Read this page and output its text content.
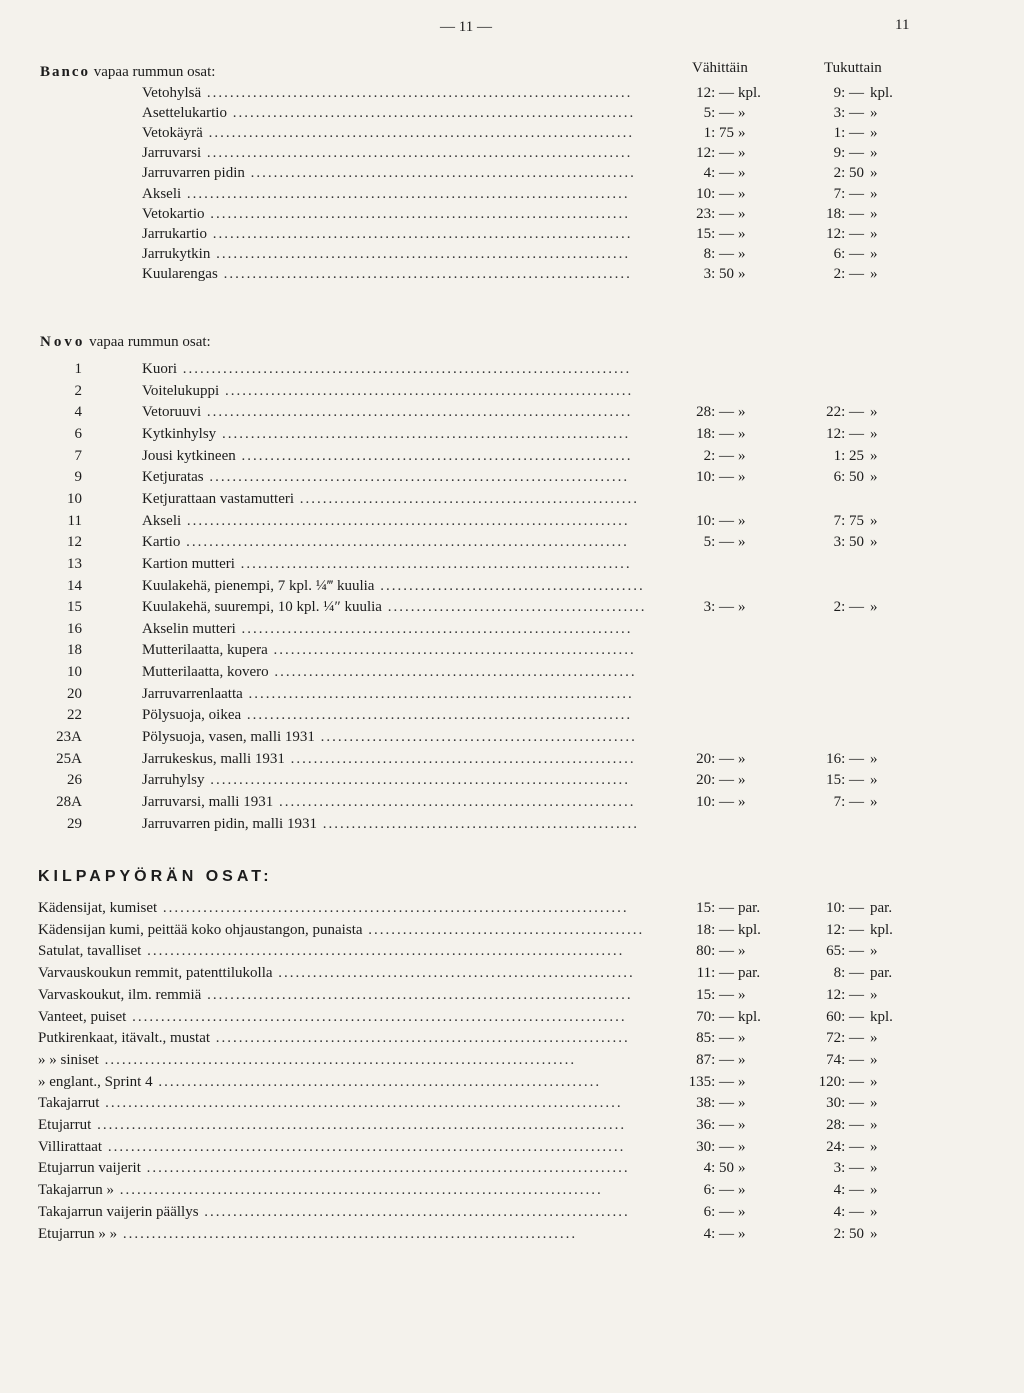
— 11 —	11
Banco vapaa rummun osat:	Vähittäin	Tukuttain
Vetohylsä ..........................................................................	12: — kpl.	9: — kpl.
Asettelukartio ......................................................................	5: — »	3: — »
Vetokäyrä ..........................................................................	1: 75 »	1: — »
Jarruvarsi ..........................................................................	12: — »	9: — »
Jarruvarren pidin ...................................................................	4: — »	2: 50 »
Akseli .............................................................................	10: — »	7: — »
Vetokartio .........................................................................	23: — »	18: — »
Jarrukartio .........................................................................	15: — »	12: — »
Jarrukytkin ........................................................................	8: — »	6: — »
Kuularengas .......................................................................	3: 50 »	2: — »
Novo vapaa rummun osat:
1	Kuori ..............................................................................
2	Voitelukuppi .......................................................................
4	Vetoruuvi ..........................................................................	28: — »	22: — »
6	Kytkinhylsy .......................................................................	18: — »	12: — »
7	Jousi kytkineen ....................................................................	2: — »	1: 25 »
9	Ketjuratas .........................................................................	10: — »	6: 50 »
10	Ketjurattaan vastamutteri ...........................................................
11	Akseli .............................................................................	10: — »	7: 75 »
12	Kartio .............................................................................	5: — »	3: 50 »
13	Kartion mutteri ....................................................................
14	Kuulakehä, pienempi, 7 kpl. ¼‴ kuulia ..............................................
15	Kuulakehä, suurempi, 10 kpl. ¼″ kuulia .............................................	3: — »	2: — »
16	Akselin mutteri ....................................................................
18	Mutterilaatta, kupera ...............................................................
10	Mutterilaatta, kovero ...............................................................
20	Jarruvarrenlaatta ...................................................................
22	Pölysuoja, oikea ...................................................................
23A	Pölysuoja, vasen, malli 1931 .......................................................
25A	Jarrukeskus, malli 1931 ............................................................	20: — »	16: — »
26	Jarruhylsy .........................................................................	20: — »	15: — »
28A	Jarruvarsi, malli 1931 ..............................................................	10: — »	7: — »
29	Jarruvarren pidin, malli 1931 .......................................................
KILPAPYÖRÄN OSAT:
Kädensijat, kumiset .................................................................................	15: — par.	10: — par.
Kädensijan kumi, peittää koko ohjaustangon, punaista ................................................	18: — kpl.	12: — kpl.
Satulat, tavalliset ...................................................................................	80: — »	65: — »
Varvauskoukun remmit, patenttilukolla ..............................................................	11: — par.	8: — par.
Varvaskoukut, ilm. remmiä ..........................................................................	15: — »	12: — »
Vanteet, puiset ......................................................................................	70: — kpl.	60: — kpl.
Putkirenkaat, itävalt., mustat ........................................................................	85: — »	72: — »
» » siniset ..................................................................................	87: — »	74: — »
» englant., Sprint 4 .............................................................................	135: — »	120: — »
Takajarrut ..........................................................................................	38: — »	30: — »
Etujarrut ............................................................................................	36: — »	28: — »
Villirattaat ..........................................................................................	30: — »	24: — »
Etujarrun vaijerit ....................................................................................	4: 50 »	3: — »
Takajarrun » ....................................................................................	6: — »	4: — »
Takajarrun vaijerin päällys ..........................................................................	6: — »	4: — »
Etujarrun » » ...............................................................................	4: — »	2: 50 »
